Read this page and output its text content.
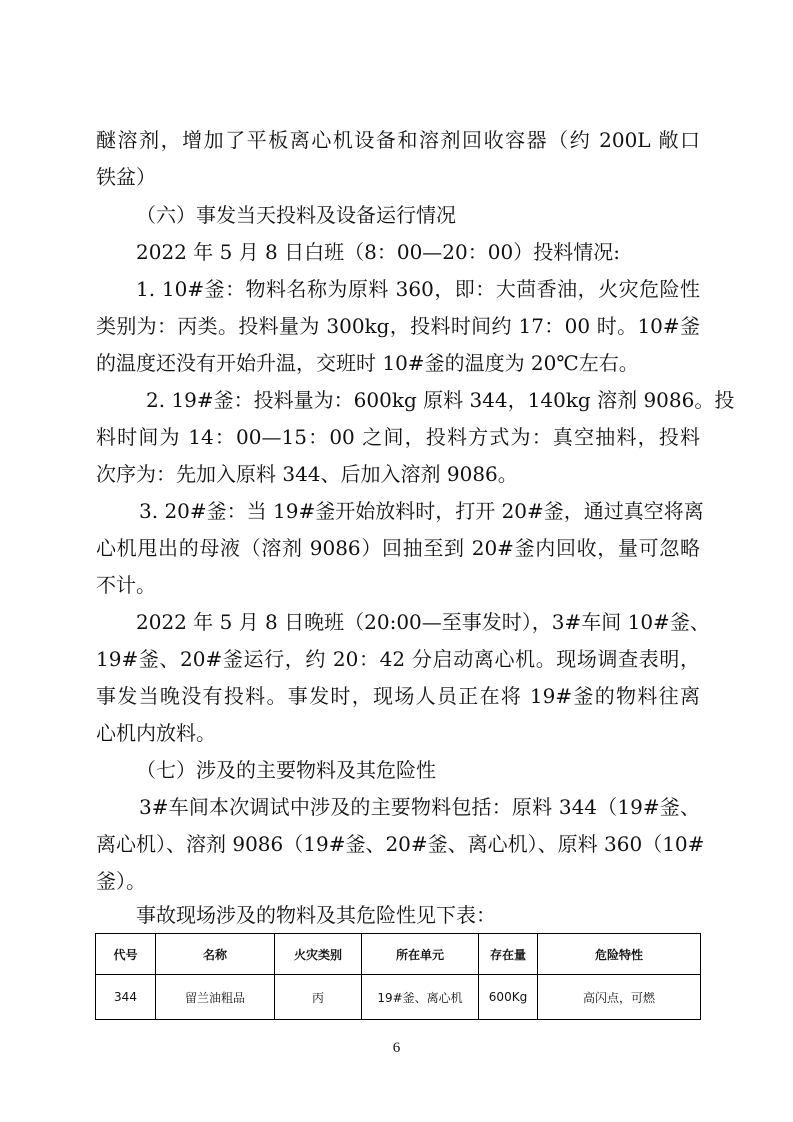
醚溶剂，增加了平板离心机设备和溶剂回收容器（约 200L 敞口
铁盆）
（六）事发当天投料及设备运行情况
2022 年 5 月 8 日白班（8：00—20：00）投料情况:
1. 10#釜：物料名称为原料 360，即：大茴香油，火灾危险性
类别为：丙类。投料量为 300kg，投料时间约 17：00 时。10#釜
的温度还没有开始升温，交班时 10#釜的温度为 20℃左右。
2. 19#釜：投料量为：600kg 原料 344，140kg 溶剂 9086。投
料时间为 14：00—15：00 之间，投料方式为：真空抽料，投料
次序为：先加入原料 344、后加入溶剂 9086。
3. 20#釜：当 19#釜开始放料时，打开 20#釜，通过真空将离
心机甩出的母液（溶剂 9086）回抽至到 20#釜内回收，量可忽略
不计。
2022 年 5 月 8 日晚班（20:00—至事发时），3#车间 10#釜、
19#釜、20#釜运行，约 20：42 分启动离心机。现场调查表明，
事发当晚没有投料。事发时，现场人员正在将 19#釜的物料往离
心机内放料。
（七）涉及的主要物料及其危险性
3#车间本次调试中涉及的主要物料包括：原料 344（19#釜、
离心机）、溶剂 9086（19#釜、20#釜、离心机）、原料 360（10#
釜）。
事故现场涉及的物料及其危险性见下表：
代号	名称	火灾类别	所在单元	存在量	危险特性
344	留兰油粗品	丙	19#釜、离心机	600Kg	高闪点，可燃
6
